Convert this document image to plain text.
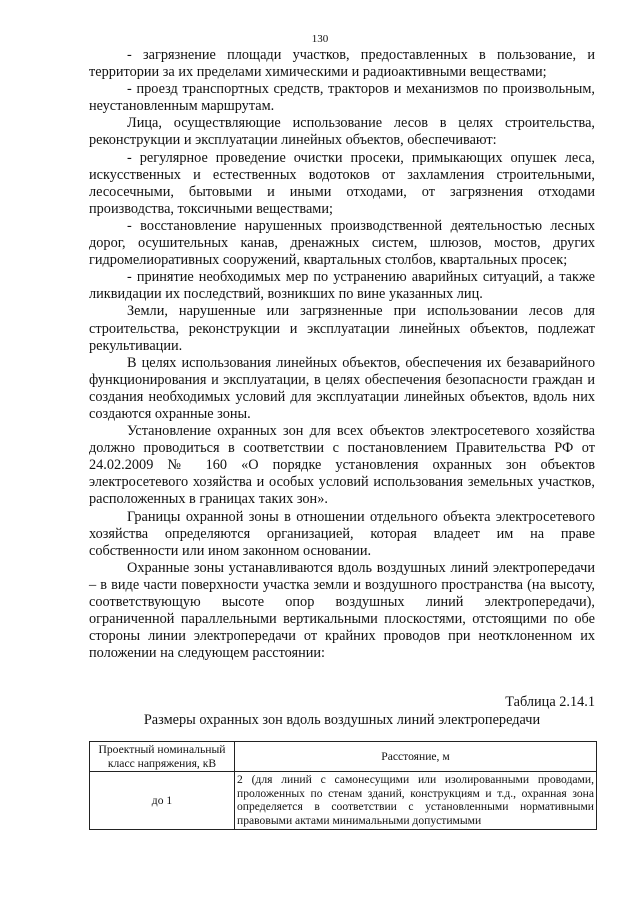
130

- загрязнение площади участков, предоставленных в пользование, и территории за их пределами химическими и радиоактивными веществами;

- проезд транспортных средств, тракторов и механизмов по произвольным, неустановленным маршрутам.

Лица, осуществляющие использование лесов в целях строительства, реконструкции и эксплуатации линейных объектов, обеспечивают:

- регулярное проведение очистки просеки, примыкающих опушек леса, искусственных и естественных водотоков от захламления строительными, лесосечными, бытовыми и иными отходами, от загрязнения отходами производства, токсичными веществами;

- восстановление нарушенных производственной деятельностью лесных дорог, осушительных канав, дренажных систем, шлюзов, мостов, других гидромелиоративных сооружений, квартальных столбов, квартальных просек;

- принятие необходимых мер по устранению аварийных ситуаций, а также ликвидации их последствий, возникших по вине указанных лиц.

Земли, нарушенные или загрязненные при использовании лесов для строительства, реконструкции и эксплуатации линейных объектов, подлежат рекультивации.

В целях использования линейных объектов, обеспечения их безаварийного функционирования и эксплуатации, в целях обеспечения безопасности граждан и создания необходимых условий для эксплуатации линейных объектов, вдоль них создаются охранные зоны.

Установление охранных зон для всех объектов электросетевого хозяйства должно проводиться в соответствии с постановлением Правительства РФ от 24.02.2009 № 160 «О порядке установления охранных зон объектов электросетевого хозяйства и особых условий использования земельных участков, расположенных в границах таких зон».

Границы охранной зоны в отношении отдельного объекта электросетевого хозяйства определяются организацией, которая владеет им на праве собственности или ином законном основании.

Охранные зоны устанавливаются вдоль воздушных линий электропередачи – в виде части поверхности участка земли и воздушного пространства (на высоту, соответствующую высоте опор воздушных линий электропередачи), ограниченной параллельными вертикальными плоскостями, отстоящими по обе стороны линии электропередачи от крайних проводов при неотклоненном их положении на следующем расстоянии:

Таблица 2.14.1
Размеры охранных зон вдоль воздушных линий электропередачи
Проектный номинальный класс напряжения, кВ	Расстояние, м
до 1	2 (для линий с самонесущими или изолированными проводами, проложенных по стенам зданий, конструкциям и т.д., охранная зона определяется в соответствии с установленными нормативными правовыми актами минимальными допустимыми
